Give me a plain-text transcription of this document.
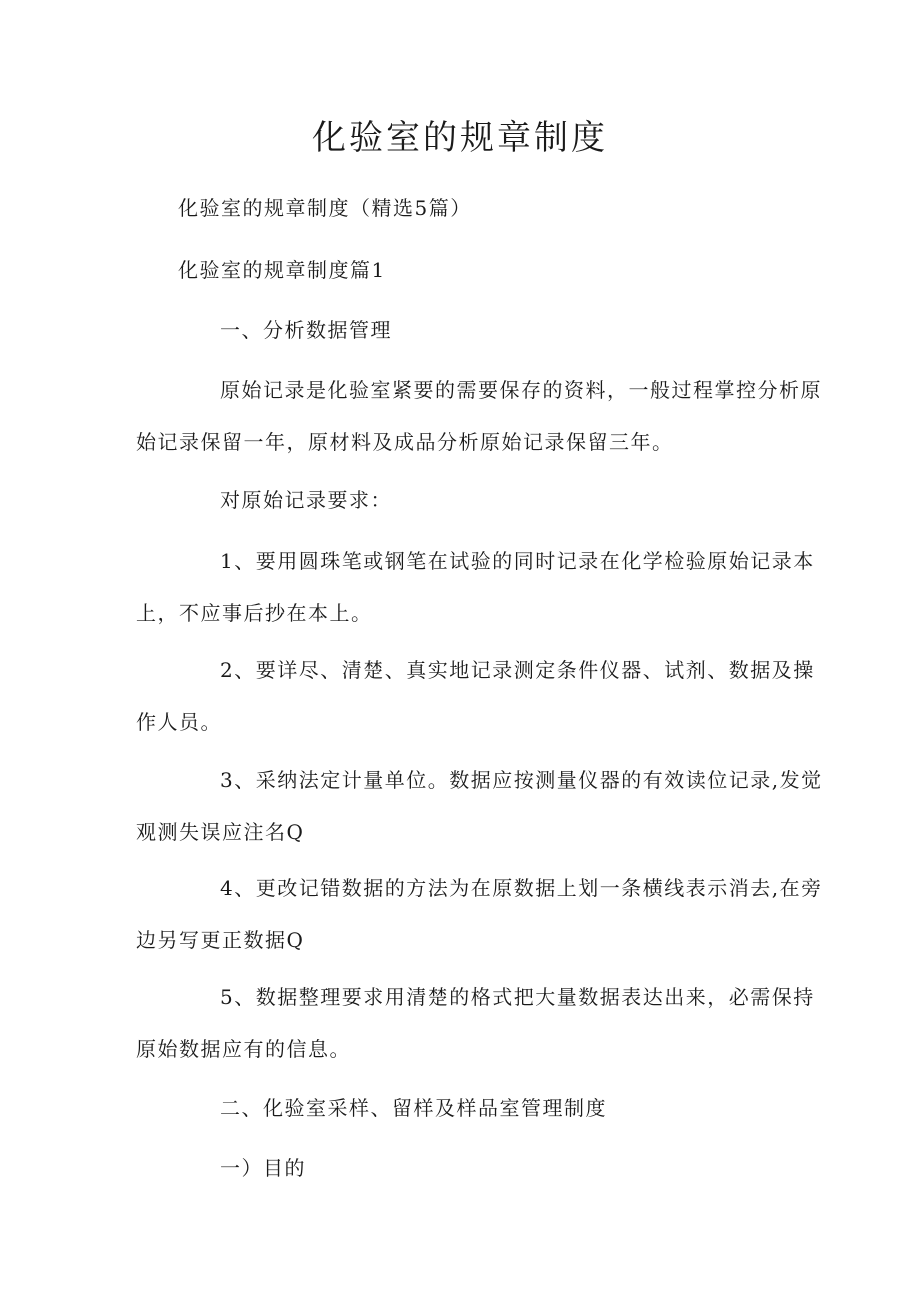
化验室的规章制度
化验室的规章制度（精选5篇）
化验室的规章制度篇1
一、分析数据管理
原始记录是化验室紧要的需要保存的资料，一般过程掌控分析原
始记录保留一年，原材料及成品分析原始记录保留三年。
对原始记录要求：
1、要用圆珠笔或钢笔在试验的同时记录在化学检验原始记录本
上，不应事后抄在本上。
2、要详尽、清楚、真实地记录测定条件仪器、试剂、数据及操
作人员。
3、采纳法定计量单位。数据应按测量仪器的有效读位记录,发觉
观测失误应注名Q
4、更改记错数据的方法为在原数据上划一条横线表示消去,在旁
边另写更正数据Q
5、数据整理要求用清楚的格式把大量数据表达出来，必需保持
原始数据应有的信息。
二、化验室采样、留样及样品室管理制度
一）目的
